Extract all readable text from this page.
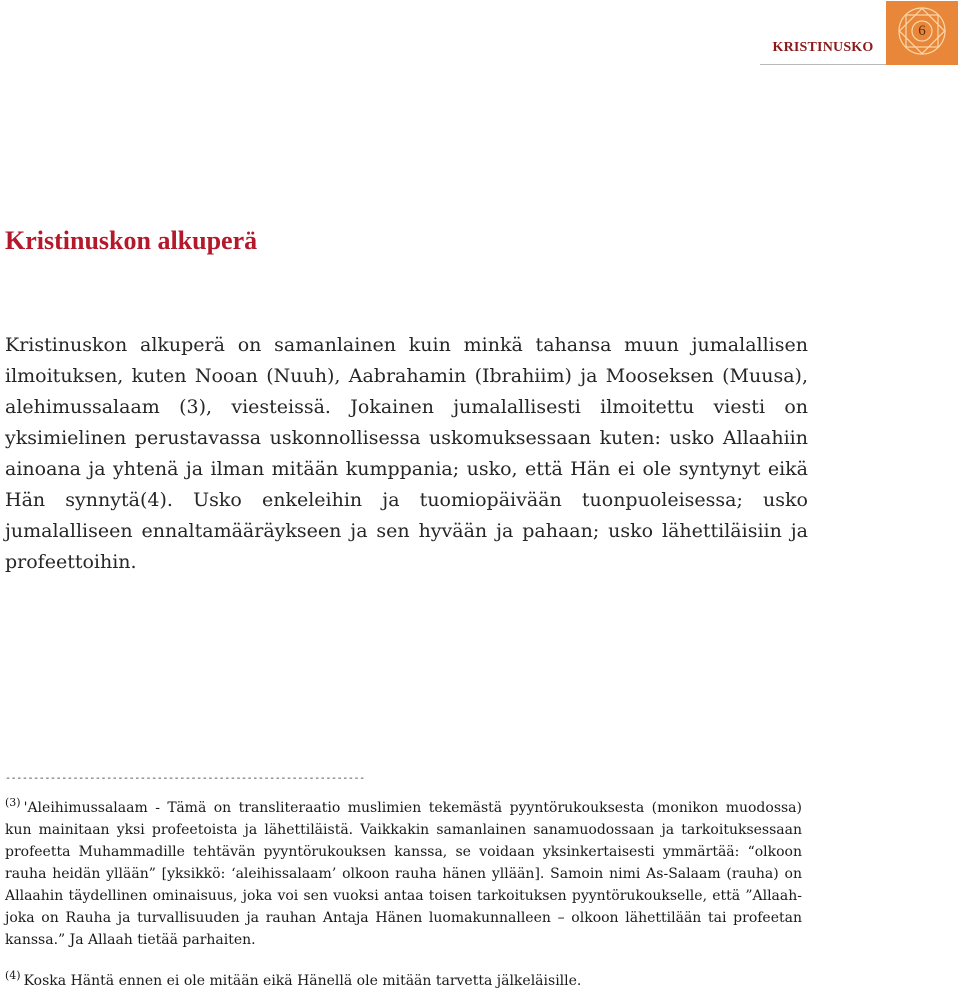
KRISTINUSKO
6
Kristinuskon alkuperä

Kristinuskon alkuperä on samanlainen kuin minkä tahansa muun jumalallisen ilmoituksen, kuten Nooan (Nuuh), Aabrahamin (Ibrahiim) ja Mooseksen (Muusa), alehimussalaam (3), viesteissä. Jokainen jumalallisesti ilmoitettu viesti on yksimielinen perustavassa uskonnollisessa uskomuksessaan kuten: usko Allaahiin ainoana ja yhtenä ja ilman mitään kumppania; usko, että Hän ei ole syntynyt eikä Hän synnytä(4). Usko enkeleihin ja tuomiopäivään tuonpuoleisessa; usko jumalalliseen ennaltamääräykseen ja sen hyvään ja pahaan; usko lähettiläisiin ja profeettoihin.

----------------------------------------------------------------

$^{(3)}$ 'Aleihimussalaam - Tämä on transliteraatio muslimien tekemästä pyyntörukouksesta (monikon muodossa) kun mainitaan yksi profeetoista ja lähettiläistä. Vaikkakin samanlainen sanamuodossaan ja tarkoituksessaan profeetta Muhammadille tehtävän pyyntörukouksen kanssa, se voidaan yksinkertaisesti ymmärtää: “olkoon rauha heidän yllään” [yksikkö: ‘aleihissalaam’ olkoon rauha hänen yllään]. Samoin nimi As-Salaam (rauha) on Allaahin täydellinen ominaisuus, joka voi sen vuoksi antaa toisen tarkoituksen pyyntörukoukselle, että ”Allaah- joka on Rauha ja turvallisuuden ja rauhan Antaja Hänen luomakunnalleen – olkoon lähettilään tai profeetan kanssa.” Ja Allaah tietää parhaiten.

$^{(4)}$ Koska Häntä ennen ei ole mitään eikä Hänellä ole mitään tarvetta jälkeläisille.
